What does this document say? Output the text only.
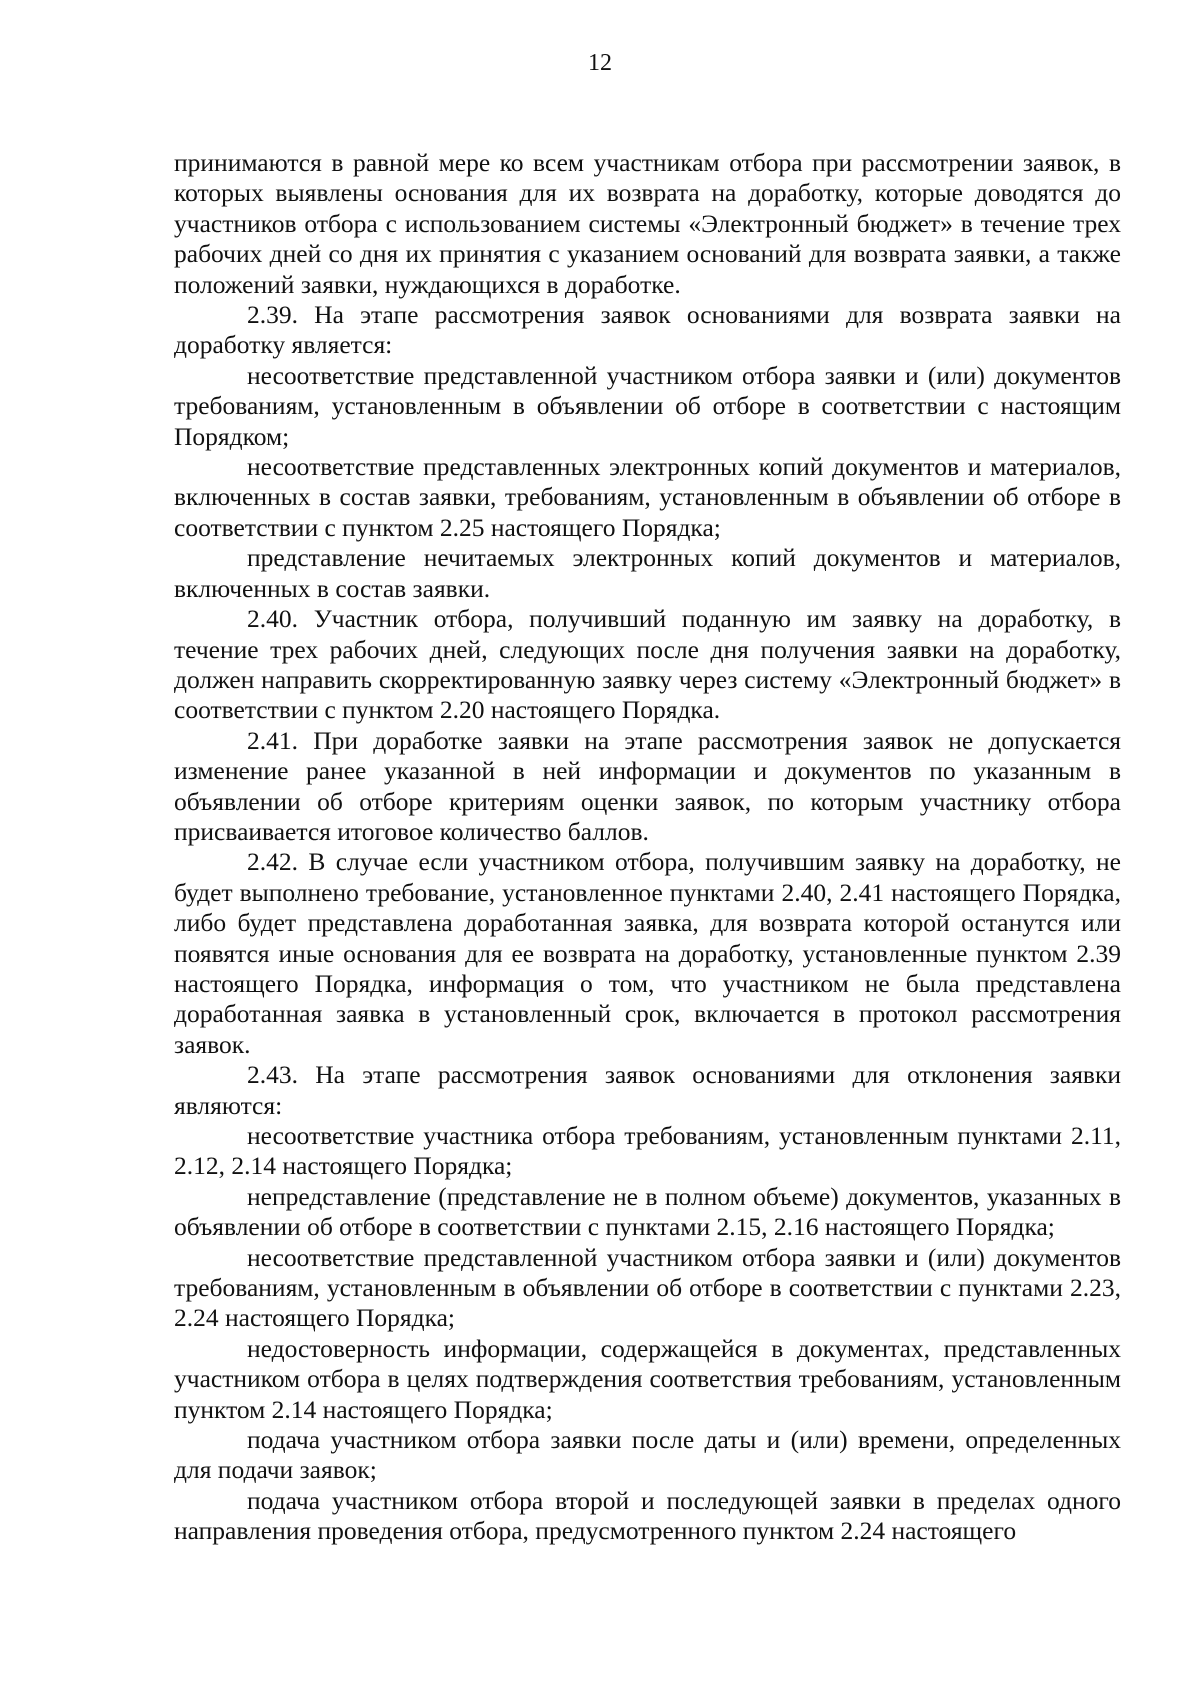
12

принимаются в равной мере ко всем участникам отбора при рассмотрении заявок, в которых выявлены основания для их возврата на доработку, которые доводятся до участников отбора с использованием системы «Электронный бюджет» в течение трех рабочих дней со дня их принятия с указанием оснований для возврата заявки, а также положений заявки, нуждающихся в доработке.

2.39. На этапе рассмотрения заявок основаниями для возврата заявки на доработку является:

несоответствие представленной участником отбора заявки и (или) документов требованиям, установленным в объявлении об отборе в соответствии с настоящим Порядком;

несоответствие представленных электронных копий документов и материалов, включенных в состав заявки, требованиям, установленным в объявлении об отборе в соответствии с пунктом 2.25 настоящего Порядка;

представление нечитаемых электронных копий документов и материалов, включенных в состав заявки.

2.40. Участник отбора, получивший поданную им заявку на доработку, в течение трех рабочих дней, следующих после дня получения заявки на доработку, должен направить скорректированную заявку через систему «Электронный бюджет» в соответствии с пунктом 2.20 настоящего Порядка.

2.41. При доработке заявки на этапе рассмотрения заявок не допускается изменение ранее указанной в ней информации и документов по указанным в объявлении об отборе критериям оценки заявок, по которым участнику отбора присваивается итоговое количество баллов.

2.42. В случае если участником отбора, получившим заявку на доработку, не будет выполнено требование, установленное пунктами 2.40, 2.41 настоящего Порядка, либо будет представлена доработанная заявка, для возврата которой останутся или появятся иные основания для ее возврата на доработку, установленные пунктом 2.39 настоящего Порядка, информация о том, что участником не была представлена доработанная заявка в установленный срок, включается в протокол рассмотрения заявок.

2.43. На этапе рассмотрения заявок основаниями для отклонения заявки являются:

несоответствие участника отбора требованиям, установленным пунктами 2.11, 2.12, 2.14 настоящего Порядка;

непредставление (представление не в полном объеме) документов, указанных в объявлении об отборе в соответствии с пунктами 2.15, 2.16 настоящего Порядка;

несоответствие представленной участником отбора заявки и (или) документов требованиям, установленным в объявлении об отборе в соответствии с пунктами 2.23, 2.24 настоящего Порядка;

недостоверность информации, содержащейся в документах, представленных участником отбора в целях подтверждения соответствия требованиям, установленным пунктом 2.14 настоящего Порядка;

подача участником отбора заявки после даты и (или) времени, определенных для подачи заявок;

подача участником отбора второй и последующей заявки в пределах одного направления проведения отбора, предусмотренного пунктом 2.24 настоящего
